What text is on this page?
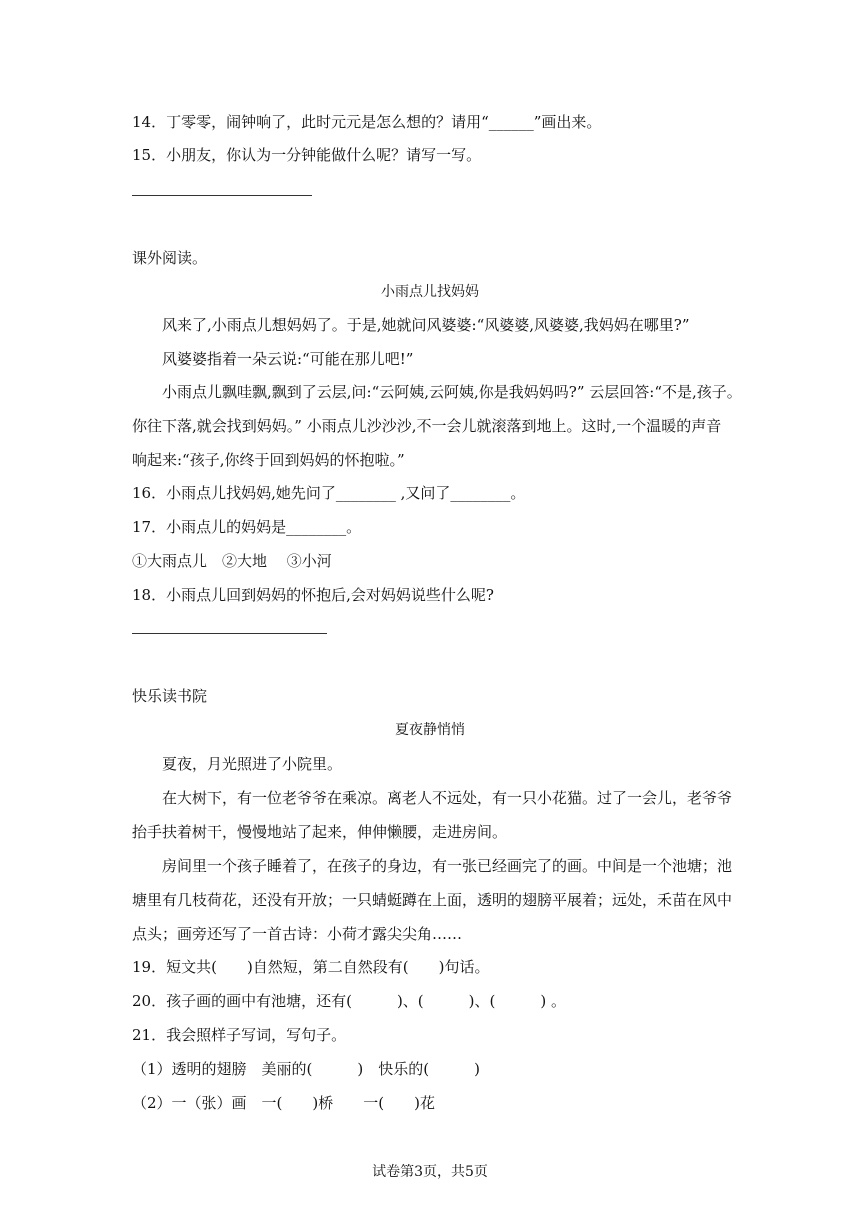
14．丁零零，闹钟响了，此时元元是怎么想的？请用“______”画出来。
15．小朋友，你认为一分钟能做什么呢？请写一写。
课外阅读。
小雨点儿找妈妈
风来了,小雨点儿想妈妈了。于是,她就问风婆婆:“风婆婆,风婆婆,我妈妈在哪里?”
风婆婆指着一朵云说:“可能在那儿吧!”
小雨点儿飘哇飘,飘到了云层,问:“云阿姨,云阿姨,你是我妈妈吗?” 云层回答:“不是,孩子。
你往下落,就会找到妈妈。” 小雨点儿沙沙沙,不一会儿就滚落到地上。这时,一个温暖的声音
响起来:“孩子,你终于回到妈妈的怀抱啦。”
16．小雨点儿找妈妈,她先问了________ ,又问了________。
17．小雨点儿的妈妈是________。
①大雨点儿　②大地　 ③小河
18．小雨点儿回到妈妈的怀抱后,会对妈妈说些什么呢?
快乐读书院
夏夜静悄悄
夏夜，月光照进了小院里。
在大树下，有一位老爷爷在乘凉。离老人不远处，有一只小花猫。过了一会儿，老爷爷
抬手扶着树干，慢慢地站了起来，伸伸懒腰，走进房间。
房间里一个孩子睡着了，在孩子的身边，有一张已经画完了的画。中间是一个池塘；池
塘里有几枝荷花，还没有开放；一只蜻蜓蹲在上面，透明的翅膀平展着；远处，禾苗在风中
点头；画旁还写了一首古诗：小荷才露尖尖角……
19．短文共(　　)自然短，第二自然段有(　　)句话。
20．孩子画的画中有池塘，还有(　　　)、(　　　)、(　　　) 。
21．我会照样子写词，写句子。
（1）透明的翅膀　美丽的(　　　)　快乐的(　　　)
（2）一（张）画　一(　　)桥　　一(　　)花
试卷第3页，共5页
